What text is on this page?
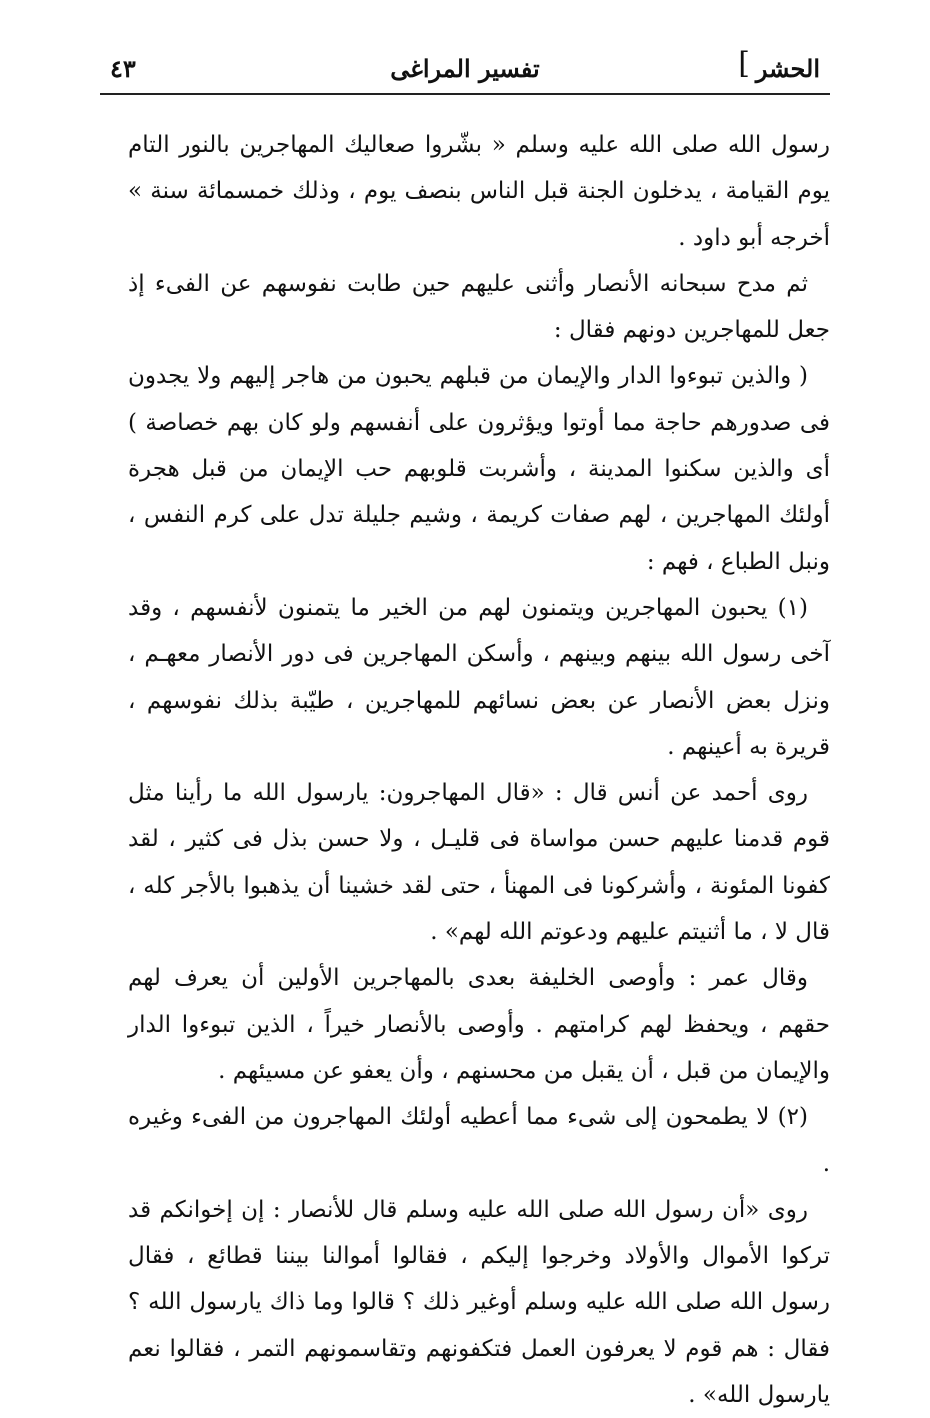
الحشر
]
تفسير المراغى
٤٣

رسول الله صلى الله عليه وسلم « بشّروا صعاليك المهاجرين بالنور التام يوم القيامة ، يدخلون الجنة قبل الناس بنصف يوم ، وذلك خمسمائة سنة » أخرجه أبو داود .

ثم مدح سبحانه الأنصار وأثنى عليهم حين طابت نفوسهم عن الفىء إذ جعل للمهاجرين دونهم فقال :

( والذين تبوءوا الدار والإيمان من قبلهم يحبون من هاجر إليهم ولا يجدون فى صدورهم حاجة مما أوتوا ويؤثرون على أنفسهم ولو كان بهم خصاصة ) أى والذين سكنوا المدينة ، وأشربت قلوبهم حب الإيمان من قبل هجرة أولئك المهاجرين ، لهم صفات كريمة ، وشيم جليلة تدل على كرم النفس ، ونبل الطباع ، فهم :

(١) يحبون المهاجرين ويتمنون لهم من الخير ما يتمنون لأنفسهم ، وقد آخى رسول الله بينهم وبينهم ، وأسكن المهاجرين فى دور الأنصار معهـم ، ونزل بعض الأنصار عن بعض نسائهم للمهاجرين ، طيّبة بذلك نفوسهم ، قريرة به أعينهم .

روى أحمد عن أنس قال : «قال المهاجرون: يارسول الله ما رأينا مثل قوم قدمنا عليهم حسن مواساة فى قليـل ، ولا حسن بذل فى كثير ، لقد كفونا المئونة ، وأشركونا فى المهنأ ، حتى لقد خشينا أن يذهبوا بالأجر كله ، قال لا ، ما أثنيتم عليهم ودعوتم الله لهم» .

وقال عمر : وأوصى الخليفة بعدى بالمهاجرين الأولين أن يعرف لهم حقهم ، ويحفظ لهم كرامتهم . وأوصى بالأنصار خيراً ، الذين تبوءوا الدار والإيمان من قبل ، أن يقبل من محسنهم ، وأن يعفو عن مسيئهم .

(٢) لا يطمحون إلى شىء مما أعطيه أولئك المهاجرون من الفىء وغيره .

روى «أن رسول الله صلى الله عليه وسلم قال للأنصار : إن إخوانكم قد تركوا الأموال والأولاد وخرجوا إليكم ، فقالوا أموالنا بيننا قطائع ، فقال رسول الله صلى الله عليه وسلم أوغير ذلك ؟ قالوا وما ذاك يارسول الله ؟ فقال : هم قوم لا يعرفون العمل فتكفونهم وتقاسمونهم التمر ، فقالوا نعم يارسول الله» .
